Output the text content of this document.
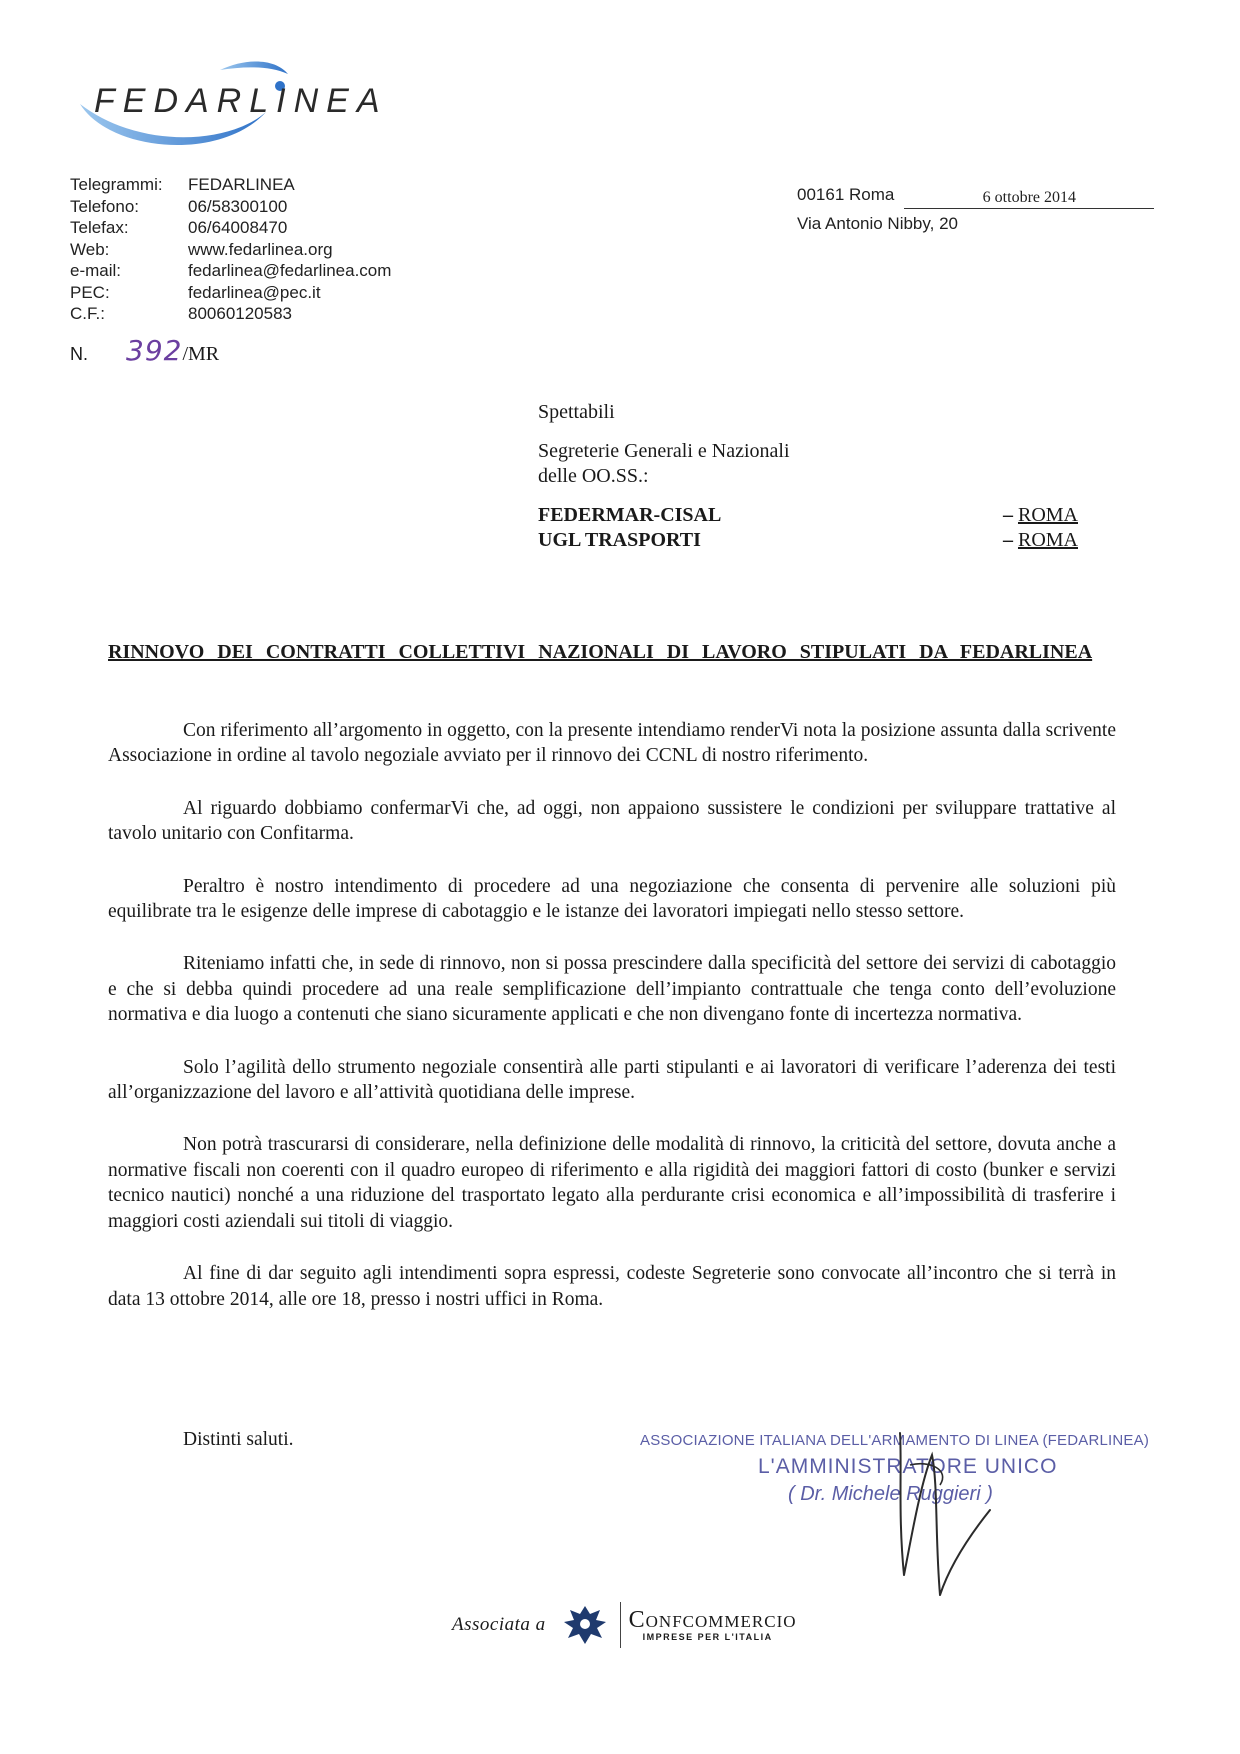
FEDARLINEA
Telegrammi:	FEDARLINEA
Telefono:	06/58300100
Telefax:	06/64008470
Web:	www.fedarlinea.org
e-mail:	fedarlinea@fedarlinea.com
PEC:	fedarlinea@pec.it
C.F.:	80060120583
N. 392 /MR
00161 Roma	6 ottobre 2014
Via Antonio Nibby, 20
Spettabili
Segreterie Generali e Nazionali
delle OO.SS.:
FEDERMAR-CISAL	– ROMA
UGL TRASPORTI	– ROMA
RINNOVO DEI CONTRATTI COLLETTIVI NAZIONALI DI LAVORO STIPULATI DA FEDARLINEA

Con riferimento all’argomento in oggetto, con la presente intendiamo renderVi nota la posizione assunta dalla scrivente Associazione in ordine al tavolo negoziale avviato per il rinnovo dei CCNL di nostro riferimento.

Al riguardo dobbiamo confermarVi che, ad oggi, non appaiono sussistere le condizioni per sviluppare trattative al tavolo unitario con Confitarma.

Peraltro è nostro intendimento di procedere ad una negoziazione che consenta di pervenire alle soluzioni più equilibrate tra le esigenze delle imprese di cabotaggio e le istanze dei lavoratori impiegati nello stesso settore.

Riteniamo infatti che, in sede di rinnovo, non si possa prescindere dalla specificità del settore dei servizi di cabotaggio e che si debba quindi procedere ad una reale semplificazione dell’impianto contrattuale che tenga conto dell’evoluzione normativa e dia luogo a contenuti che siano sicuramente applicati e che non divengano fonte di incertezza normativa.

Solo l’agilità dello strumento negoziale consentirà alle parti stipulanti e ai lavoratori di verificare l’aderenza dei testi all’organizzazione del lavoro e all’attività quotidiana delle imprese.

Non potrà trascurarsi di considerare, nella definizione delle modalità di rinnovo, la criticità del settore, dovuta anche a normative fiscali non coerenti con il quadro europeo di riferimento e alla rigidità dei maggiori fattori di costo (bunker e servizi tecnico nautici) nonché a una riduzione del trasportato legato alla perdurante crisi economica e all’impossibilità di trasferire i maggiori costi aziendali sui titoli di viaggio.

Al fine di dar seguito agli intendimenti sopra espressi, codeste Segreterie sono convocate all’incontro che si terrà in data 13 ottobre 2014, alle ore 18, presso i nostri uffici in Roma.

Distinti saluti.	ASSOCIAZIONE ITALIANA DELL'ARMAMENTO DI LINEA (FEDARLINEA)
L'AMMINISTRATORE UNICO
( Dr. Michele Ruggieri )
Associata a	Confcommercio
IMPRESE PER L'ITALIA
